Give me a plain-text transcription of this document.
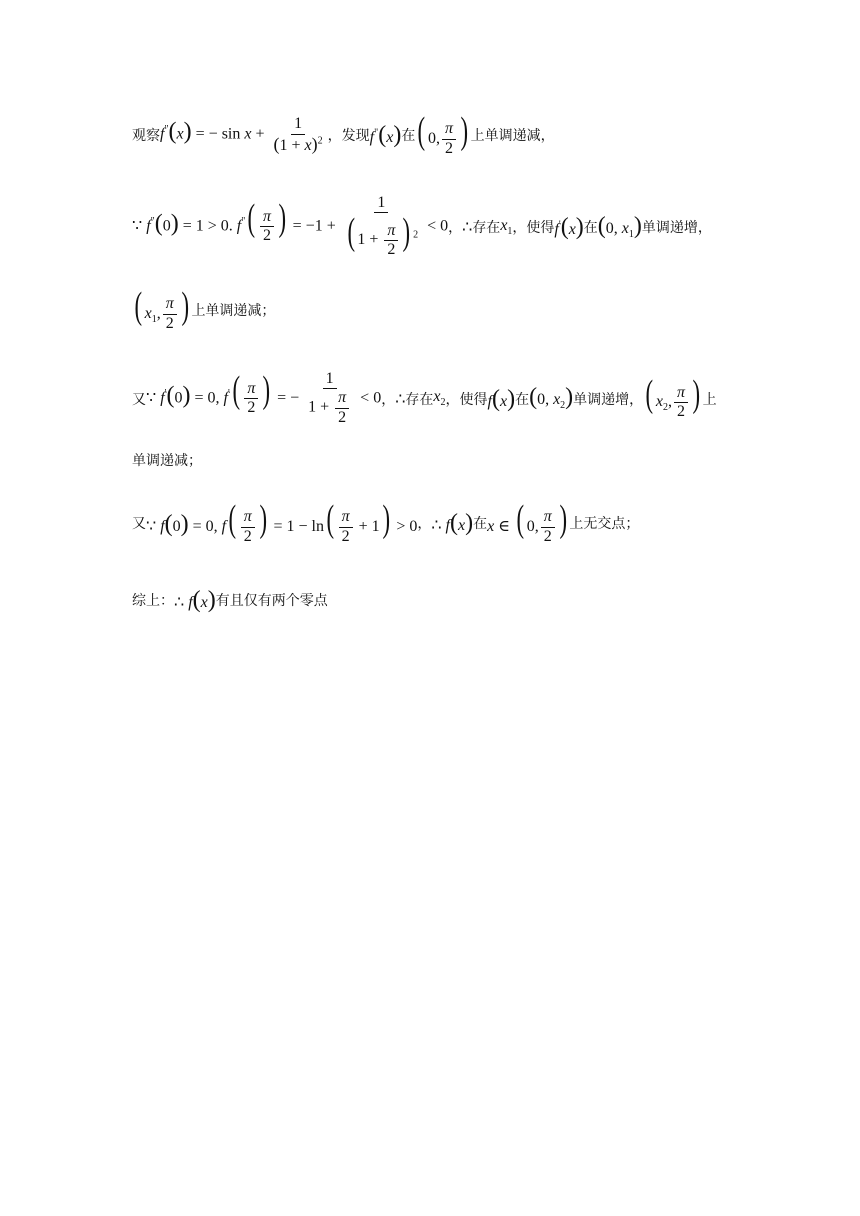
观察 f"(x) = − $\sin x + \frac{1}{(1 + x)^2}$ ，发现 f"(x) 在 ( 0, $\frac{\pi}{2}$ ) 上单调递减，
∵ f"(0) = 1 > 0. $f^"( \frac{\pi}{2}$ ) = $-1 + \frac{1}{( 1 + \frac{\pi}{2} ) ^2} < 0$ ， ∴ 存在 $x_1$ ，使得 f'(x) 在 (0, $x_1$) 单调递增，
( $x_1$, $\frac{\pi}{2}$ ) 上单调递减；
又 ∵ f'(0) = 0, $f'( \frac{\pi}{2}$ ) = − $\frac{1}{1 + \frac{\pi}{2}} < 0$ ， ∴ 存在 $x_2$ ，使得 f(x) 在 (0, $x_2$) 单调递增， ( $x_2$, $\frac{\pi}{2}$ ) 上
单调递减；
又 ∵ f(0) = 0, $f( \frac{\pi}{2}$ ) = $1 - \ln( \frac{\pi}{2} + 1) > 0$ ， ∴ f(x) 在 x ∈ ( 0, $\frac{\pi}{2}$ ) 上无交点；
综上： ∴ f(x) 有且仅有两个零点
